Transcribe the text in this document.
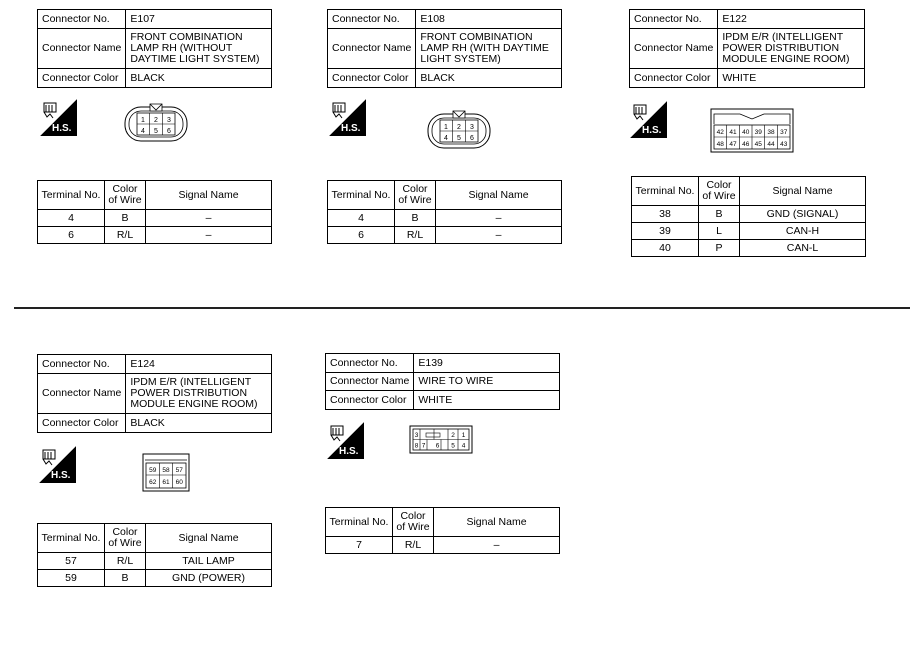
Connector No.	E107
Connector Name	FRONT COMBINATION LAMP RH (WITHOUT DAYTIME LIGHT SYSTEM)
Connector Color	BLACK
H.S.
1 2 3
4 5 6
Terminal No.	Color of Wire	Signal Name
4	B	–
6	R/L	–
Connector No.	E108
Connector Name	FRONT COMBINATION LAMP RH (WITH DAYTIME LIGHT SYSTEM)
Connector Color	BLACK
H.S.	1 2 3
4 5 6
Terminal No.	Color of Wire	Signal Name
4	B	–
6	R/L	–
Connector No.	E122
Connector Name	IPDM E/R (INTELLIGENT POWER DISTRIBUTION MODULE ENGINE ROOM)
Connector Color	WHITE
H.S.	42 41 40 39 38 37
48 47 46 45 44 43
Terminal No.	Color of Wire	Signal Name
38	B	GND (SIGNAL)
39	L	CAN-H
40	P	CAN-L
Connector No.	E124
Connector Name	IPDM E/R (INTELLIGENT POWER DISTRIBUTION MODULE ENGINE ROOM)
Connector Color	BLACK
H.S.	59 58 57
62 61 60
Terminal No.	Color of Wire	Signal Name
57	R/L	TAIL LAMP
59	B	GND (POWER)
Connector No.	E139
Connector Name	WIRE TO WIRE
Connector Color	WHITE
H.S.
3	2 1
8 7 6 5 4
Terminal No.	Color of Wire	Signal Name
7	R/L	–
